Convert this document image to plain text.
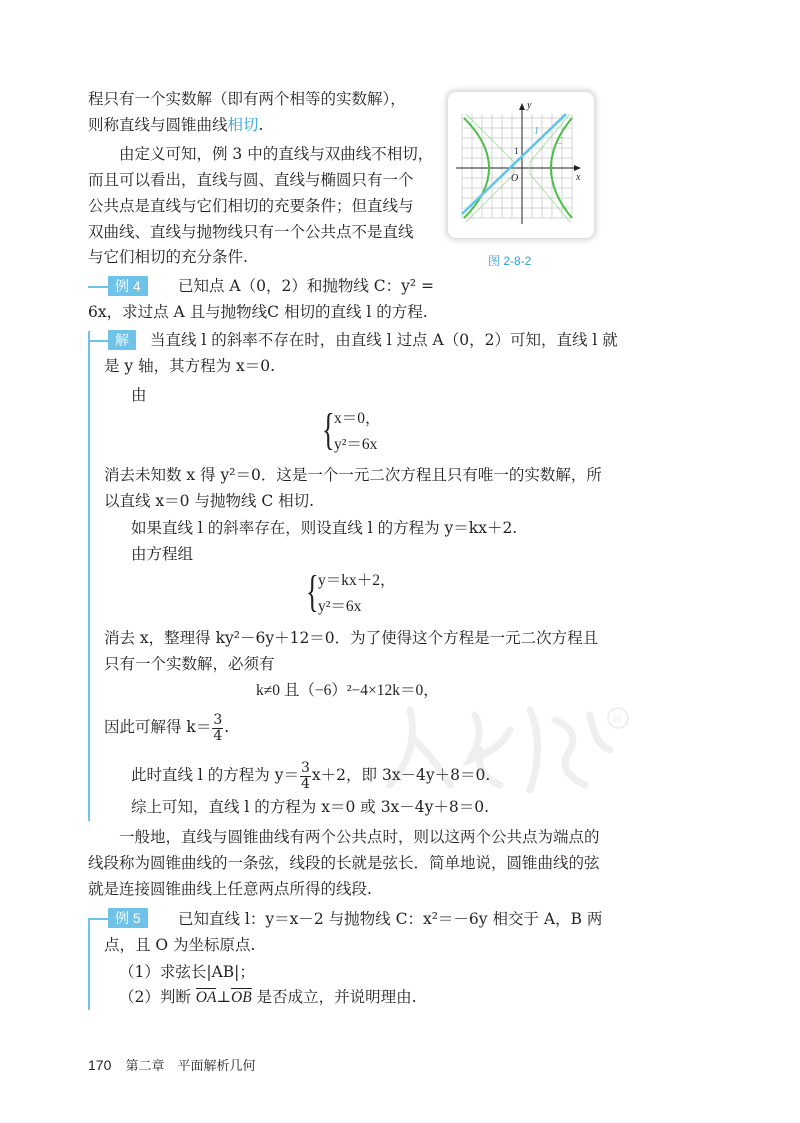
程只有一个实数解（即有两个相等的实数解），
则称直线与圆锥曲线相切.
由定义可知，例 3 中的直线与双曲线不相切，
而且可以看出，直线与圆、直线与椭圆只有一个
公共点是直线与它们相切的充要条件；但直线与
双曲线、直线与抛物线只有一个公共点不是直线
与它们相切的充分条件.
y
x
O
1
l
C
图 2-8-2
例 4	已知点 A（0，2）和抛物线 C：y² =
6x，求过点 A 且与抛物线C 相切的直线 l 的方程.
解	当直线 l 的斜率不存在时，由直线 l 过点 A（0，2）可知，直线 l 就
是 y 轴，其方程为 x＝0.
由
{ x＝0，
y²＝6x
消去未知数 x 得 y²＝0．这是一个一元二次方程且只有唯一的实数解，所
以直线 x＝0 与抛物线 C 相切.
如果直线 l 的斜率存在，则设直线 l 的方程为 y＝kx＋2.
由方程组
{ y＝kx＋2，
y²＝6x
消去 x，整理得 ky²－6y＋12＝0．为了使得这个方程是一元二次方程且
只有一个实数解，必须有
k≠0 且（−6）²−4×12k＝0，
因此可解得 $k= \frac{3}{4}$ .
此时直线 l 的方程为 $y= \frac{3}{4} x+2$，即 3x－4y＋8＝0.
综上可知，直线 l 的方程为 x＝0 或 3x－4y＋8＝0.
R
一般地，直线与圆锥曲线有两个公共点时，则以这两个公共点为端点的
线段称为圆锥曲线的一条弦，线段的长就是弦长．简单地说，圆锥曲线的弦
就是连接圆锥曲线上任意两点所得的线段.
例 5	已知直线 l：y＝x－2 与抛物线 C：x²＝－6y 相交于 A，B 两
点，且 O 为坐标原点.
（1）求弦长|AB|；
（2）判断 OA⊥OB 是否成立，并说明理由.
170 第二章　平面解析几何
